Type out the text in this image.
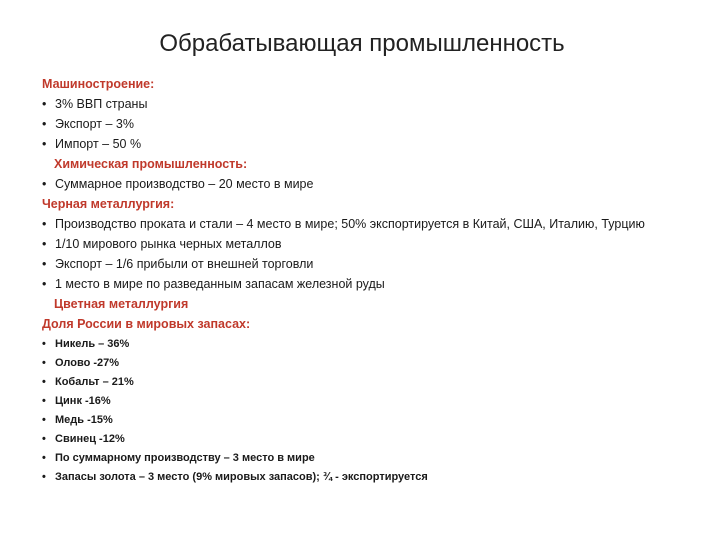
Обрабатывающая промышленность
Машиностроение:
• 3% ВВП страны
• Экспорт – 3%
• Импорт – 50 %
Химическая промышленность:
• Суммарное производство – 20 место в мире
Черная металлургия:
• Производство проката и стали – 4 место в мире; 50% экспортируется в Китай, США, Италию, Турцию
• 1/10 мирового рынка черных металлов
• Экспорт – 1/6 прибыли от внешней торговли
• 1 место в мире по разведанным запасам железной руды
Цветная металлургия
Доля России в мировых запасах:
• Никель – 36%
• Олово -27%
• Кобальт – 21%
• Цинк -16%
• Медь -15%
• Свинец -12%
• По суммарному производству – 3 место в мире
• Запасы золота – 3 место (9% мировых запасов); ¾ - экспортируется
